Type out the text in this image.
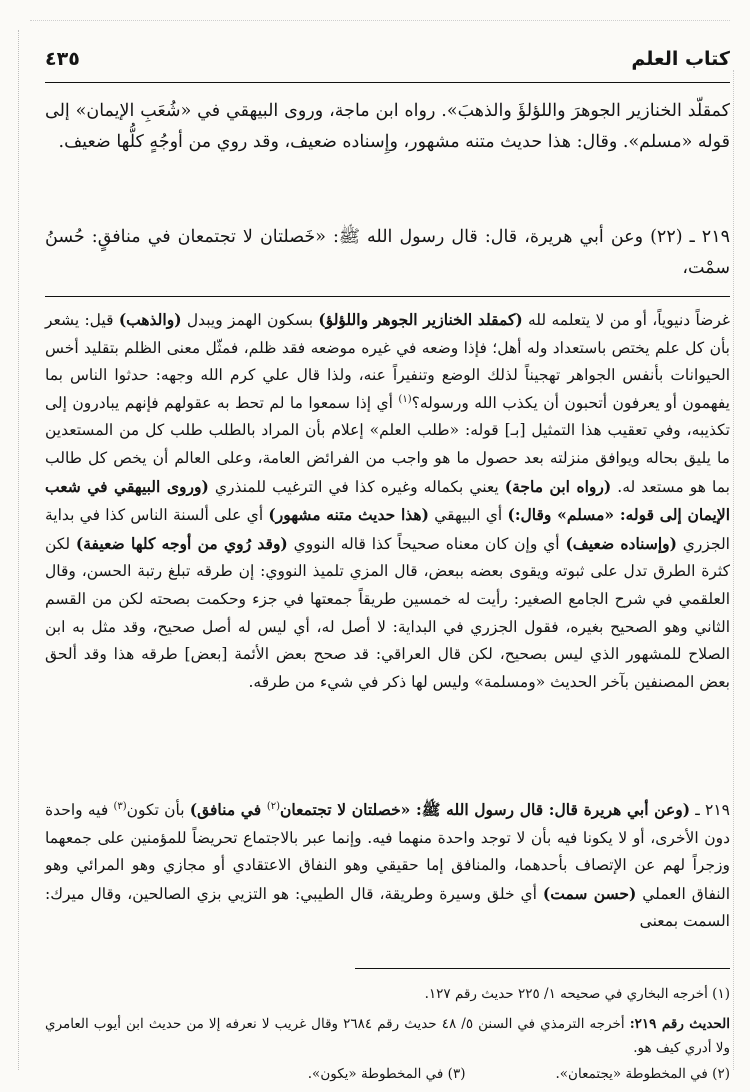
كتاب العلم
٤٣٥
كمقلّد الخنازير الجوهرَ واللؤلؤَ والذهبَ». رواه ابن ماجة، وروى البيهقي في «شُعَبِ الإيمان» إلى قوله «مسلم». وقال: هذا حديث متنه مشهور، وإِسناده ضعيف، وقد روي من أوجُهٍ كلُّها ضعيف.
٢١٩ ـ (٢٢) وعن أبي هريرة، قال: قال رسول الله ﷺ: «خَصلتان لا تجتمعان في منافقٍ: حُسنُ سمْت،
غرضاً دنيوياً، أو من لا يتعلمه لله (كمقلد الخنازير الجوهر واللؤلؤ) بسكون الهمز ويبدل (والذهب) قيل: يشعر بأن كل علم يختص باستعداد وله أهل؛ فإذا وضعه في غيره موضعه فقد ظلم، فمثّل معنى الظلم بتقليد أخس الحيوانات بأنفس الجواهر تهجيناً لذلك الوضع وتنفيراً عنه، ولذا قال علي كرم الله وجهه: حدثوا الناس بما يفهمون أو يعرفون أتحبون أن يكذب الله ورسوله؟$^{(١)}$ أي إذا سمعوا ما لم تحط به عقولهم فإنهم يبادرون إلى تكذيبه، وفي تعقيب هذا التمثيل [بـ] قوله: «طلب العلم» إعلام بأن المراد بالطلب طلب كل من المستعدين ما يليق بحاله ويوافق منزلته بعد حصول ما هو واجب من الفرائض العامة، وعلى العالم أن يخص كل طالب بما هو مستعد له. (رواه ابن ماجة) يعني بكماله وغيره كذا في الترغيب للمنذري (وروى البيهقي في شعب الإيمان إلى قوله: «مسلم» وقال:) أي البيهقي (هذا حديث متنه مشهور) أي على ألسنة الناس كذا في بداية الجزري (وإسناده ضعيف) أي وإن كان معناه صحيحاً كذا قاله النووي (وقد رُوي من أوجه كلها ضعيفة) لكن كثرة الطرق تدل على ثبوته ويقوى بعضه ببعض، قال المزي تلميذ النووي: إن طرقه تبلغ رتبة الحسن، وقال العلقمي في شرح الجامع الصغير: رأيت له خمسين طريقاً جمعتها في جزء وحكمت بصحته لكن من القسم الثاني وهو الصحيح بغيره، فقول الجزري في البداية: لا أصل له، أي ليس له أصل صحيح، وقد مثل به ابن الصلاح للمشهور الذي ليس بصحيح، لكن قال العراقي: قد صحح بعض الأئمة [بعض] طرقه هذا وقد ألحق بعض المصنفين بآخر الحديث «ومسلمة» وليس لها ذكر في شيء من طرقه.
٢١٩ ـ (وعن أبي هريرة قال: قال رسول الله ﷺ: «خصلتان لا تجتمعان$^{(٢)}$ في منافق) بأن تكون$^{(٣)}$ فيه واحدة دون الأخرى، أو لا يكونا فيه بأن لا توجد واحدة منهما فيه. وإنما عبر بالاجتماع تحريضاً للمؤمنين على جمعهما وزجراً لهم عن الإتصاف بأحدهما، والمنافق إما حقيقي وهو النفاق الاعتقادي أو مجازي وهو المرائي وهو النفاق العملي (حسن سمت) أي خلق وسيرة وطريقة، قال الطيبي: هو التزيي بزي الصالحين، وقال ميرك: السمت بمعنى
(١) أخرجه البخاري في صحيحه ١/ ٢٢٥ حديث رقم ١٢٧.
الحديث رقم ٢١٩: أخرجه الترمذي في السنن ٥/ ٤٨ حديث رقم ٢٦٨٤ وقال غريب لا نعرفه إلا من حديث ابن أيوب العامري ولا أدري كيف هو.
(٢) في المخطوطة «يجتمعان».(٣) في المخطوطة «يكون».
